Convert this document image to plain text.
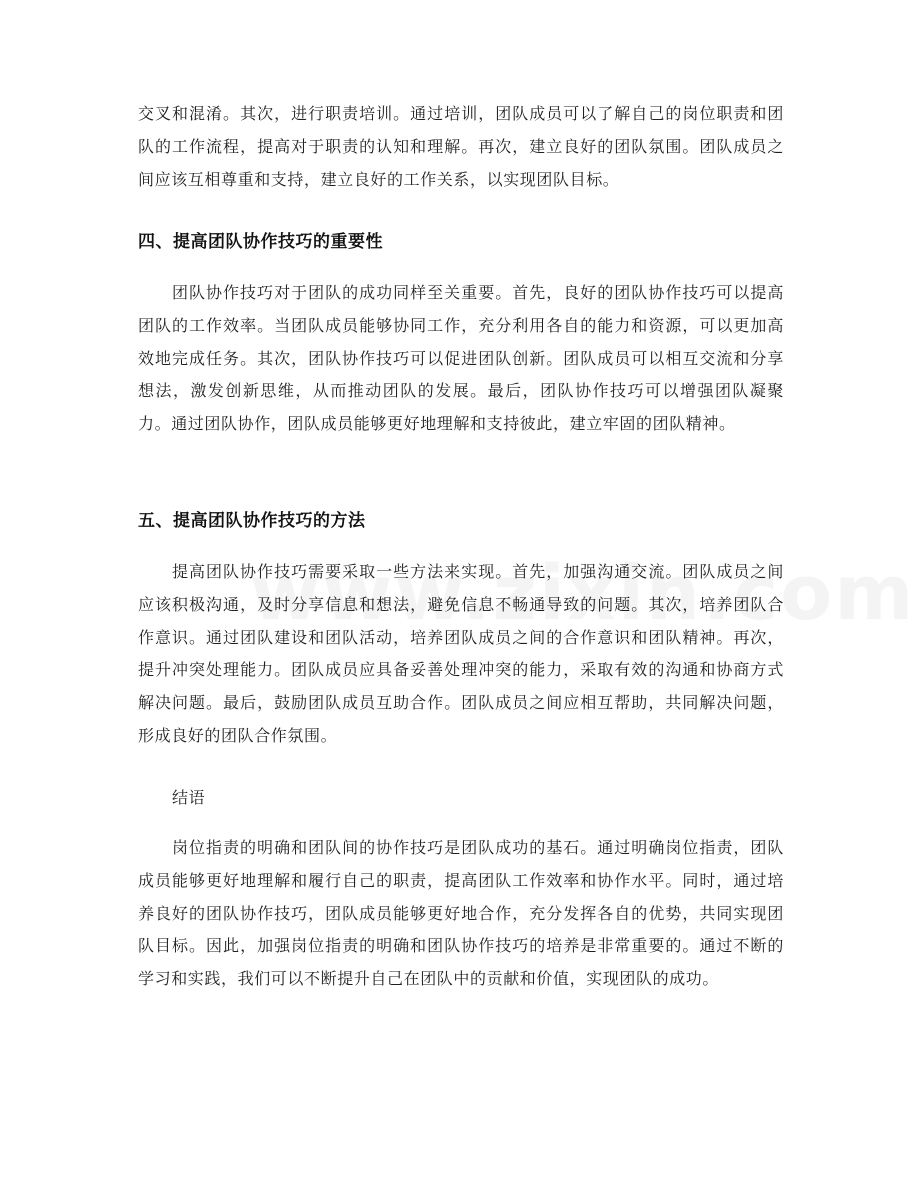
交叉和混淆。其次，进行职责培训。通过培训，团队成员可以了解自己的岗位职责和团队的工作流程，提高对于职责的认知和理解。再次，建立良好的团队氛围。团队成员之间应该互相尊重和支持，建立良好的工作关系，以实现团队目标。

四、提高团队协作技巧的重要性

团队协作技巧对于团队的成功同样至关重要。首先，良好的团队协作技巧可以提高团队的工作效率。当团队成员能够协同工作，充分利用各自的能力和资源，可以更加高效地完成任务。其次，团队协作技巧可以促进团队创新。团队成员可以相互交流和分享想法，激发创新思维，从而推动团队的发展。最后，团队协作技巧可以增强团队凝聚力。通过团队协作，团队成员能够更好地理解和支持彼此，建立牢固的团队精神。

五、提高团队协作技巧的方法

提高团队协作技巧需要采取一些方法来实现。首先，加强沟通交流。团队成员之间应该积极沟通，及时分享信息和想法，避免信息不畅通导致的问题。其次，培养团队合作意识。通过团队建设和团队活动，培养团队成员之间的合作意识和团队精神。再次，提升冲突处理能力。团队成员应具备妥善处理冲突的能力，采取有效的沟通和协商方式解决问题。最后，鼓励团队成员互助合作。团队成员之间应相互帮助，共同解决问题，形成良好的团队合作氛围。

结语

岗位指责的明确和团队间的协作技巧是团队成功的基石。通过明确岗位指责，团队成员能够更好地理解和履行自己的职责，提高团队工作效率和协作水平。同时，通过培养良好的团队协作技巧，团队成员能够更好地合作，充分发挥各自的优势，共同实现团队目标。因此，加强岗位指责的明确和团队协作技巧的培养是非常重要的。通过不断的学习和实践，我们可以不断提升自己在团队中的贡献和价值，实现团队的成功。
